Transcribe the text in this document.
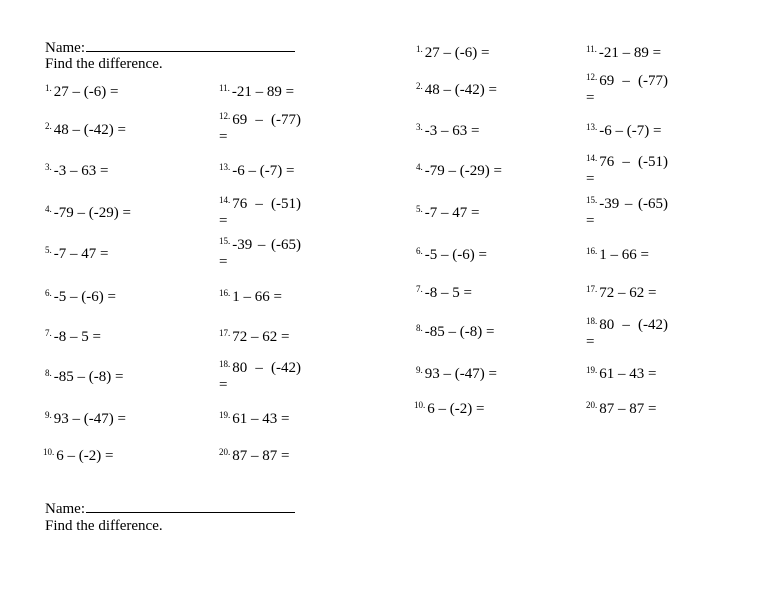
Name:
Find the difference.
$^{1.}$ 27 – (-6) =
$^{2.}$ 48 – (-42) =
$^{3.}$ -3 – 63 =
$^{4.}$ -79 – (-29) =
$^{5.}$ -7 – 47 =
$^{6.}$ -5 – (-6) =
$^{7.}$ -8 – 5 =
$^{8.}$ -85 – (-8) =
$^{9.}$ 93 – (-47) =
$^{10.}$ 6 – (-2) =
$^{11.}$ -21 – 89 =
$^{12.}$ 69 – (-77) =
$^{13.}$ -6 – (-7) =
$^{14.}$ 76 – (-51) =
$^{15.}$ -39 – (-65) =
$^{16.}$ 1 – 66 =
$^{17.}$ 72 – 62 =
$^{18.}$ 80 – (-42) =
$^{19.}$ 61 – 43 =
$^{20.}$ 87 – 87 =
Name:
Find the difference.
$^{1.}$ 27 – (-6) =
$^{2.}$ 48 – (-42) =
$^{3.}$ -3 – 63 =
$^{4.}$ -79 – (-29) =
$^{5.}$ -7 – 47 =
$^{6.}$ -5 – (-6) =
$^{7.}$ -8 – 5 =
$^{8.}$ -85 – (-8) =
$^{9.}$ 93 – (-47) =
$^{10.}$ 6 – (-2) =
$^{11.}$ -21 – 89 =
$^{12.}$ 69 – (-77) =
$^{13.}$ -6 – (-7) =
$^{14.}$ 76 – (-51) =
$^{15.}$ -39 – (-65) =
$^{16.}$ 1 – 66 =
$^{17.}$ 72 – 62 =
$^{18.}$ 80 – (-42) =
$^{19.}$ 61 – 43 =
$^{20.}$ 87 – 87 =
